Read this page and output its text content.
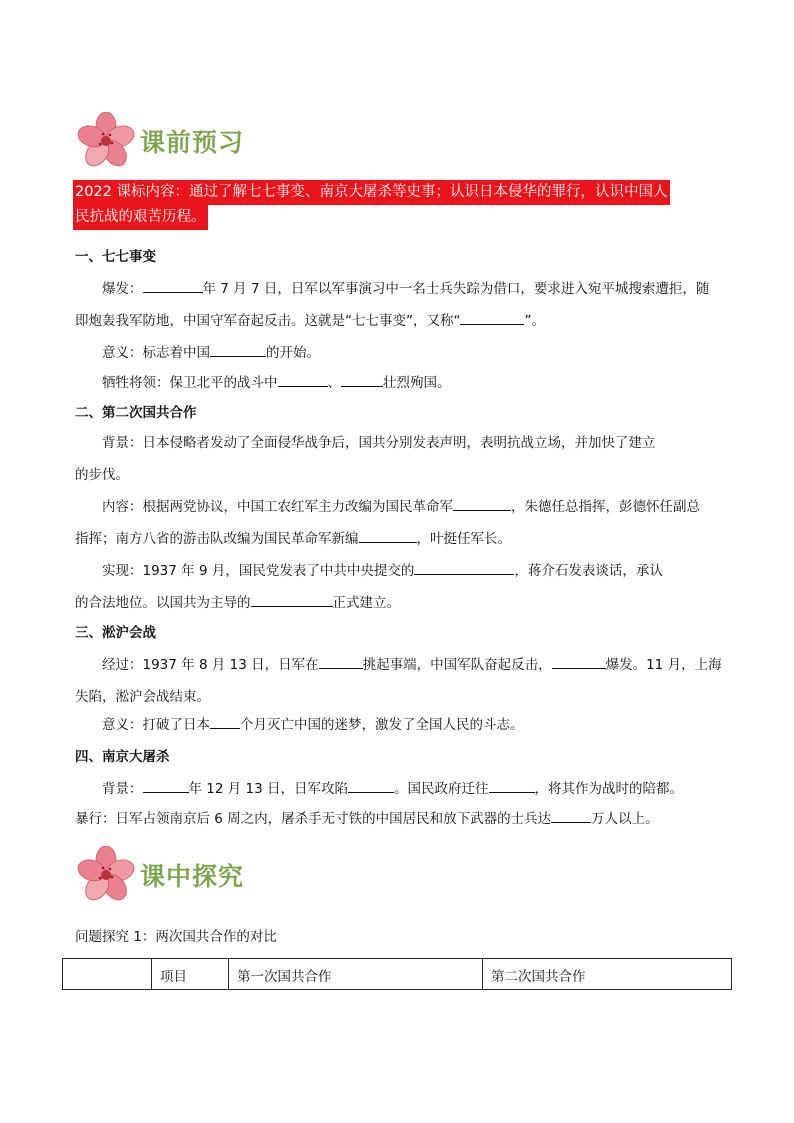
课前预习
2022 课标内容：通过了解七七事变、南京大屠杀等史事；认识日本侵华的罪行，认识中国人
民抗战的艰苦历程。
一、七七事变
爆发：	年 7 月 7 日，日军以军事演习中一名士兵失踪为借口，要求进入宛平城搜索遭拒，随
即炮轰我军防地，中国守军奋起反击。这就是“七七事变”，又称“	”。
意义：标志着中国	的开始。
牺牲将领：保卫北平的战斗中	、	壮烈殉国。
二、第二次国共合作
背景：日本侵略者发动了全面侵华战争后，国共分别发表声明，表明抗战立场，并加快了建立
的步伐。
内容：根据两党协议，中国工农红军主力改编为国民革命军	，朱德任总指挥，彭德怀任副总
指挥；南方八省的游击队改编为国民革命军新编	，叶挺任军长。
实现：1937 年 9 月，国民党发表了中共中央提交的	，蒋介石发表谈话，承认
的合法地位。以国共为主导的	正式建立。
三、淞沪会战
经过：1937 年 8 月 13 日，日军在	挑起事端，中国军队奋起反击，	爆发。11 月，上海
失陷，淞沪会战结束。
意义：打破了日本 个月灭亡中国的迷梦，激发了全国人民的斗志。
四、南京大屠杀
背景：	年 12 月 13 日，日军攻陷	。国民政府迁往	，将其作为战时的陪都。
暴行：日军占领南京后 6 周之内，屠杀手无寸铁的中国居民和放下武器的士兵达	万人以上。
课中探究
问题探究 1：两次国共合作的对比
	项目	第一次国共合作	第二次国共合作
